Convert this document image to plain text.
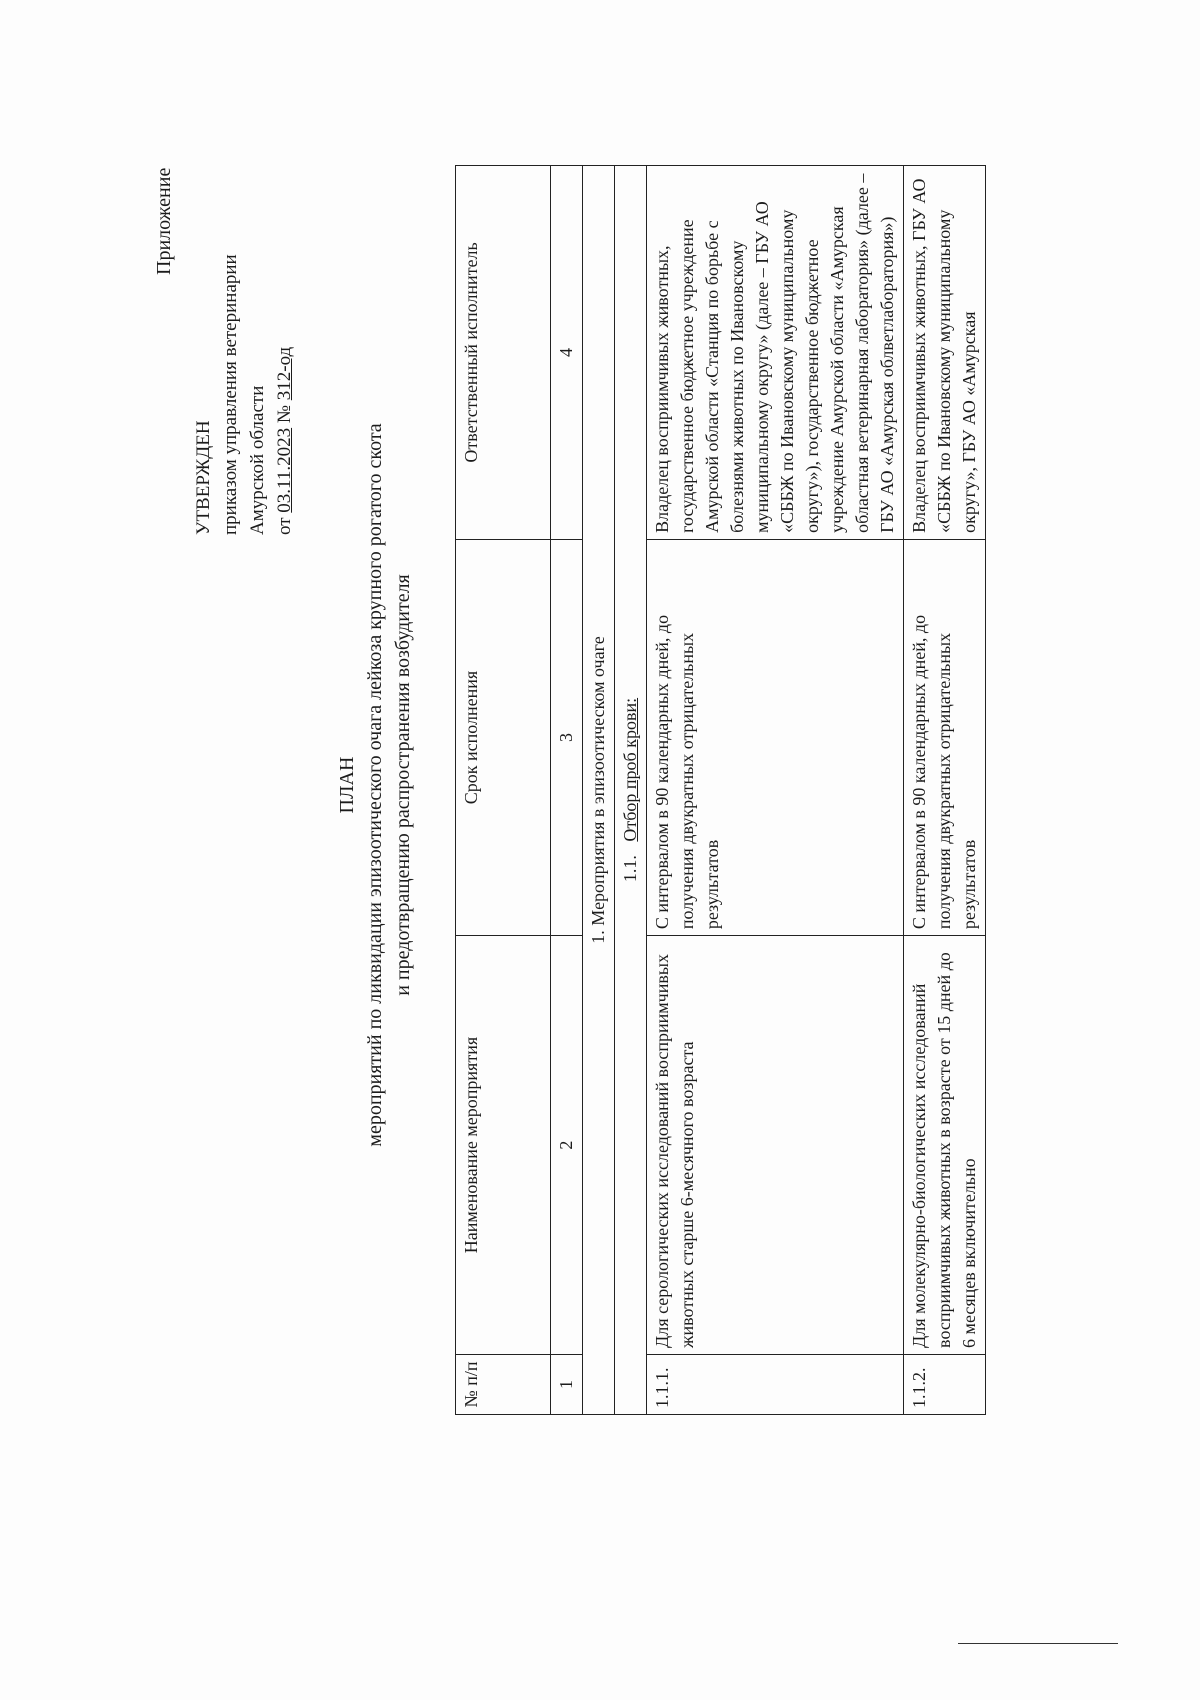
Приложение
УТВЕРЖДЕН приказом управления ветеринарии Амурской области от 03.11.2023 № 312-од
ПЛАН мероприятий по ликвидации эпизоотического очага лейкоза крупного рогатого скота и предотвращению распространения возбудителя
№ п/п	Наименование мероприятия	Срок исполнения	Ответственный исполнитель
1	2	3	4
1. Мероприятия в эпизоотическом очаге			
1.1.   Отбор проб крови:			
1.1.1.	Для серологических исследований восприимчивых животных старше 6-месячного возраста	С интервалом в 90 календарных дней, до получения двукратных отрицательных результатов	Владелец восприимчивых животных, государственное бюджетное учреждение Амурской области «Станция по борьбе с болезнями животных по Ивановскому муниципальному округу» (далее – ГБУ АО «СББЖ по Ивановскому муниципальному округу»), государственное бюджетное учреждение Амурской области «Амурская областная ветеринарная лаборатория» (далее – ГБУ АО «Амурская облветлаборатория»)
1.1.2.	Для молекулярно-биологических исследований восприимчивых животных в возрасте от 15 дней до 6 месяцев включительно	С интервалом в 90 календарных дней, до получения двукратных отрицательных результатов	Владелец восприимчивых животных, ГБУ АО «СББЖ по Ивановскому муниципальному округу», ГБУ АО «Амурская
